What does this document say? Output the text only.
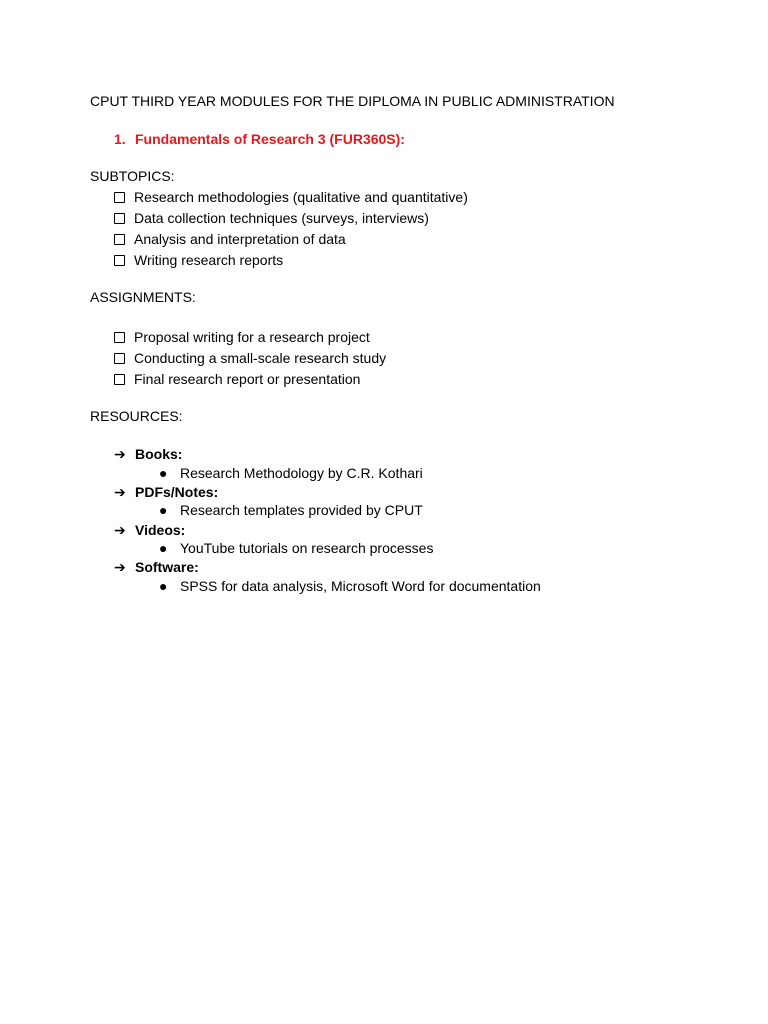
CPUT THIRD YEAR MODULES FOR THE DIPLOMA IN PUBLIC ADMINISTRATION
1. Fundamentals of Research 3 (FUR360S):
SUBTOPICS:
Research methodologies (qualitative and quantitative)
Data collection techniques (surveys, interviews)
Analysis and interpretation of data
Writing research reports
ASSIGNMENTS:
Proposal writing for a research project
Conducting a small-scale research study
Final research report or presentation
RESOURCES:
➔ Books:
● Research Methodology by C.R. Kothari
➔ PDFs/Notes:
● Research templates provided by CPUT
➔ Videos:
● YouTube tutorials on research processes
➔ Software:
● SPSS for data analysis, Microsoft Word for documentation
